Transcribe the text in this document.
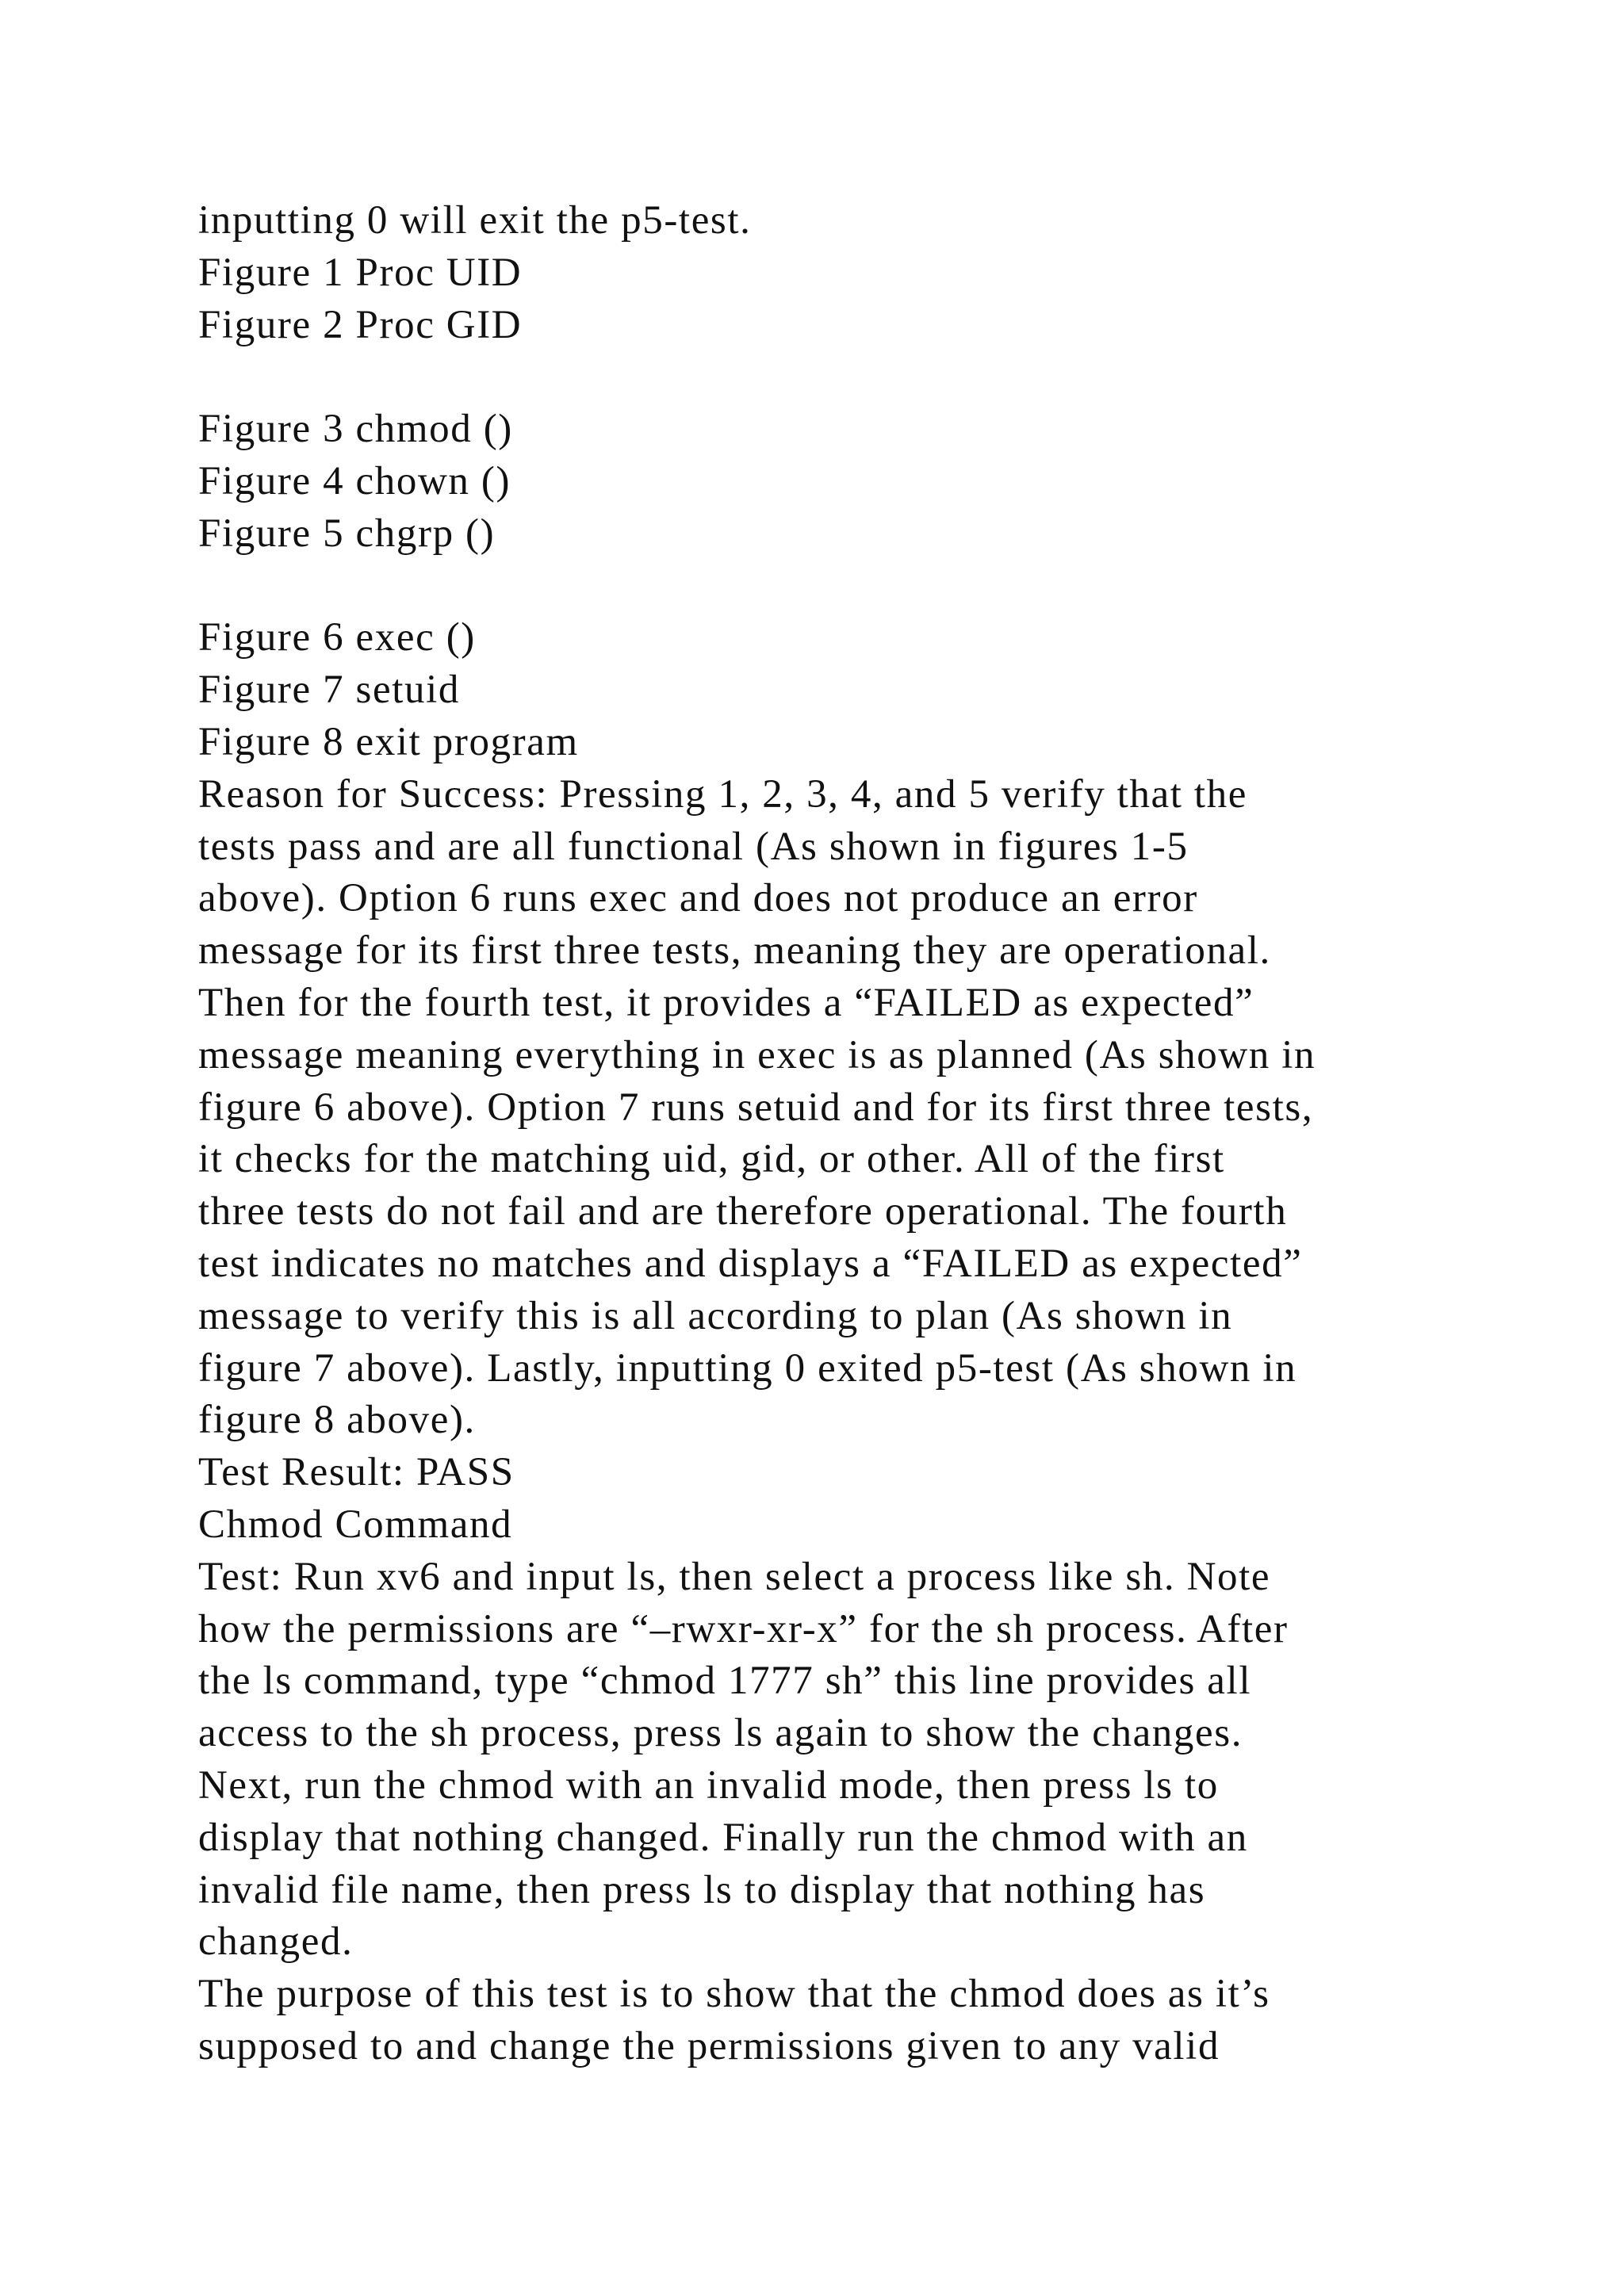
inputting 0 will exit the p5-test.
Figure 1 Proc UID
Figure 2 Proc GID
Figure 3 chmod ()
Figure 4 chown ()
Figure 5 chgrp ()
Figure 6 exec ()
Figure 7 setuid
Figure 8 exit program
Reason for Success: Pressing 1, 2, 3, 4, and 5 verify that the
tests pass and are all functional (As shown in figures 1-5
above). Option 6 runs exec and does not produce an error
message for its first three tests, meaning they are operational.
Then for the fourth test, it provides a “FAILED as expected”
message meaning everything in exec is as planned (As shown in
figure 6 above). Option 7 runs setuid and for its first three tests,
it checks for the matching uid, gid, or other. All of the first
three tests do not fail and are therefore operational. The fourth
test indicates no matches and displays a “FAILED as expected”
message to verify this is all according to plan (As shown in
figure 7 above). Lastly, inputting 0 exited p5-test (As shown in
figure 8 above).
Test Result: PASS
Chmod Command
Test: Run xv6 and input ls, then select a process like sh. Note
how the permissions are “–rwxr-xr-x” for the sh process. After
the ls command, type “chmod 1777 sh” this line provides all
access to the sh process, press ls again to show the changes.
Next, run the chmod with an invalid mode, then press ls to
display that nothing changed. Finally run the chmod with an
invalid file name, then press ls to display that nothing has
changed.
The purpose of this test is to show that the chmod does as it’s
supposed to and change the permissions given to any valid
